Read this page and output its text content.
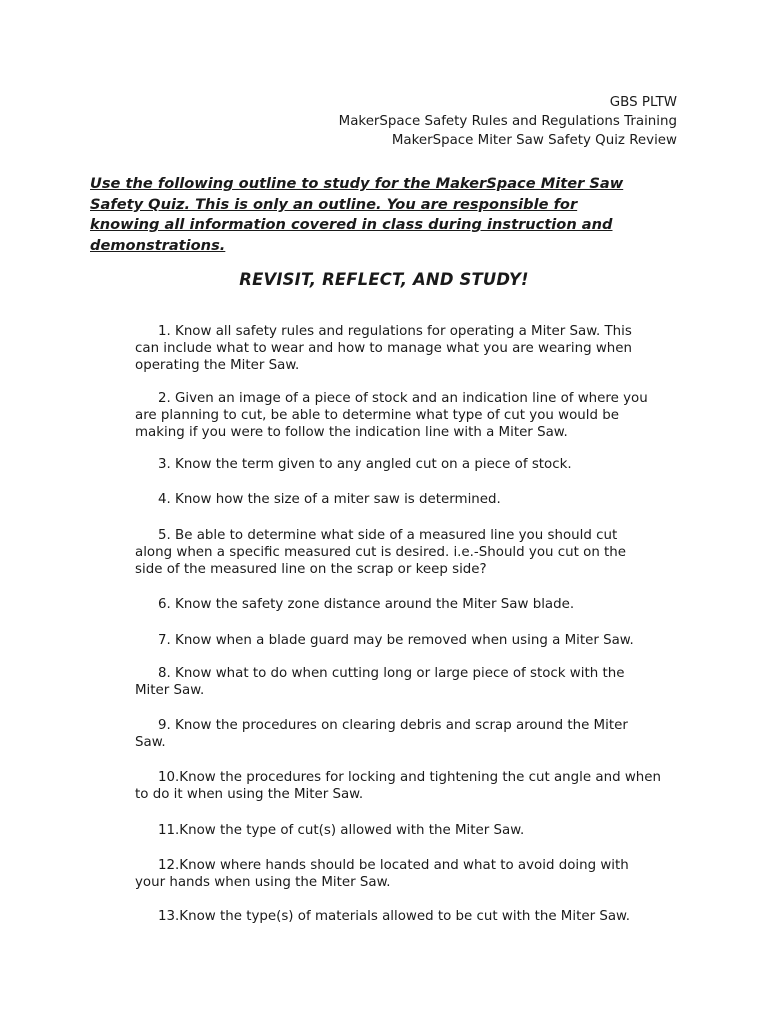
GBS PLTW
MakerSpace Safety Rules and Regulations Training
MakerSpace Miter Saw Safety Quiz Review
Use the following outline to study for the MakerSpace Miter Saw
Safety Quiz. This is only an outline. You are responsible for
knowing all information covered in class during instruction and
demonstrations.
REVISIT, REFLECT, AND STUDY!
1. Know all safety rules and regulations for operating a Miter Saw. This
can include what to wear and how to manage what you are wearing when
operating the Miter Saw.
2. Given an image of a piece of stock and an indication line of where you
are planning to cut, be able to determine what type of cut you would be
making if you were to follow the indication line with a Miter Saw.
3. Know the term given to any angled cut on a piece of stock.
4. Know how the size of a miter saw is determined.
5. Be able to determine what side of a measured line you should cut
along when a specific measured cut is desired. i.e.-Should you cut on the
side of the measured line on the scrap or keep side?
6. Know the safety zone distance around the Miter Saw blade.
7. Know when a blade guard may be removed when using a Miter Saw.
8. Know what to do when cutting long or large piece of stock with the
Miter Saw.
9. Know the procedures on clearing debris and scrap around the Miter
Saw.
10.Know the procedures for locking and tightening the cut angle and when
to do it when using the Miter Saw.
11.Know the type of cut(s) allowed with the Miter Saw.
12.Know where hands should be located and what to avoid doing with
your hands when using the Miter Saw.
13.Know the type(s) of materials allowed to be cut with the Miter Saw.
